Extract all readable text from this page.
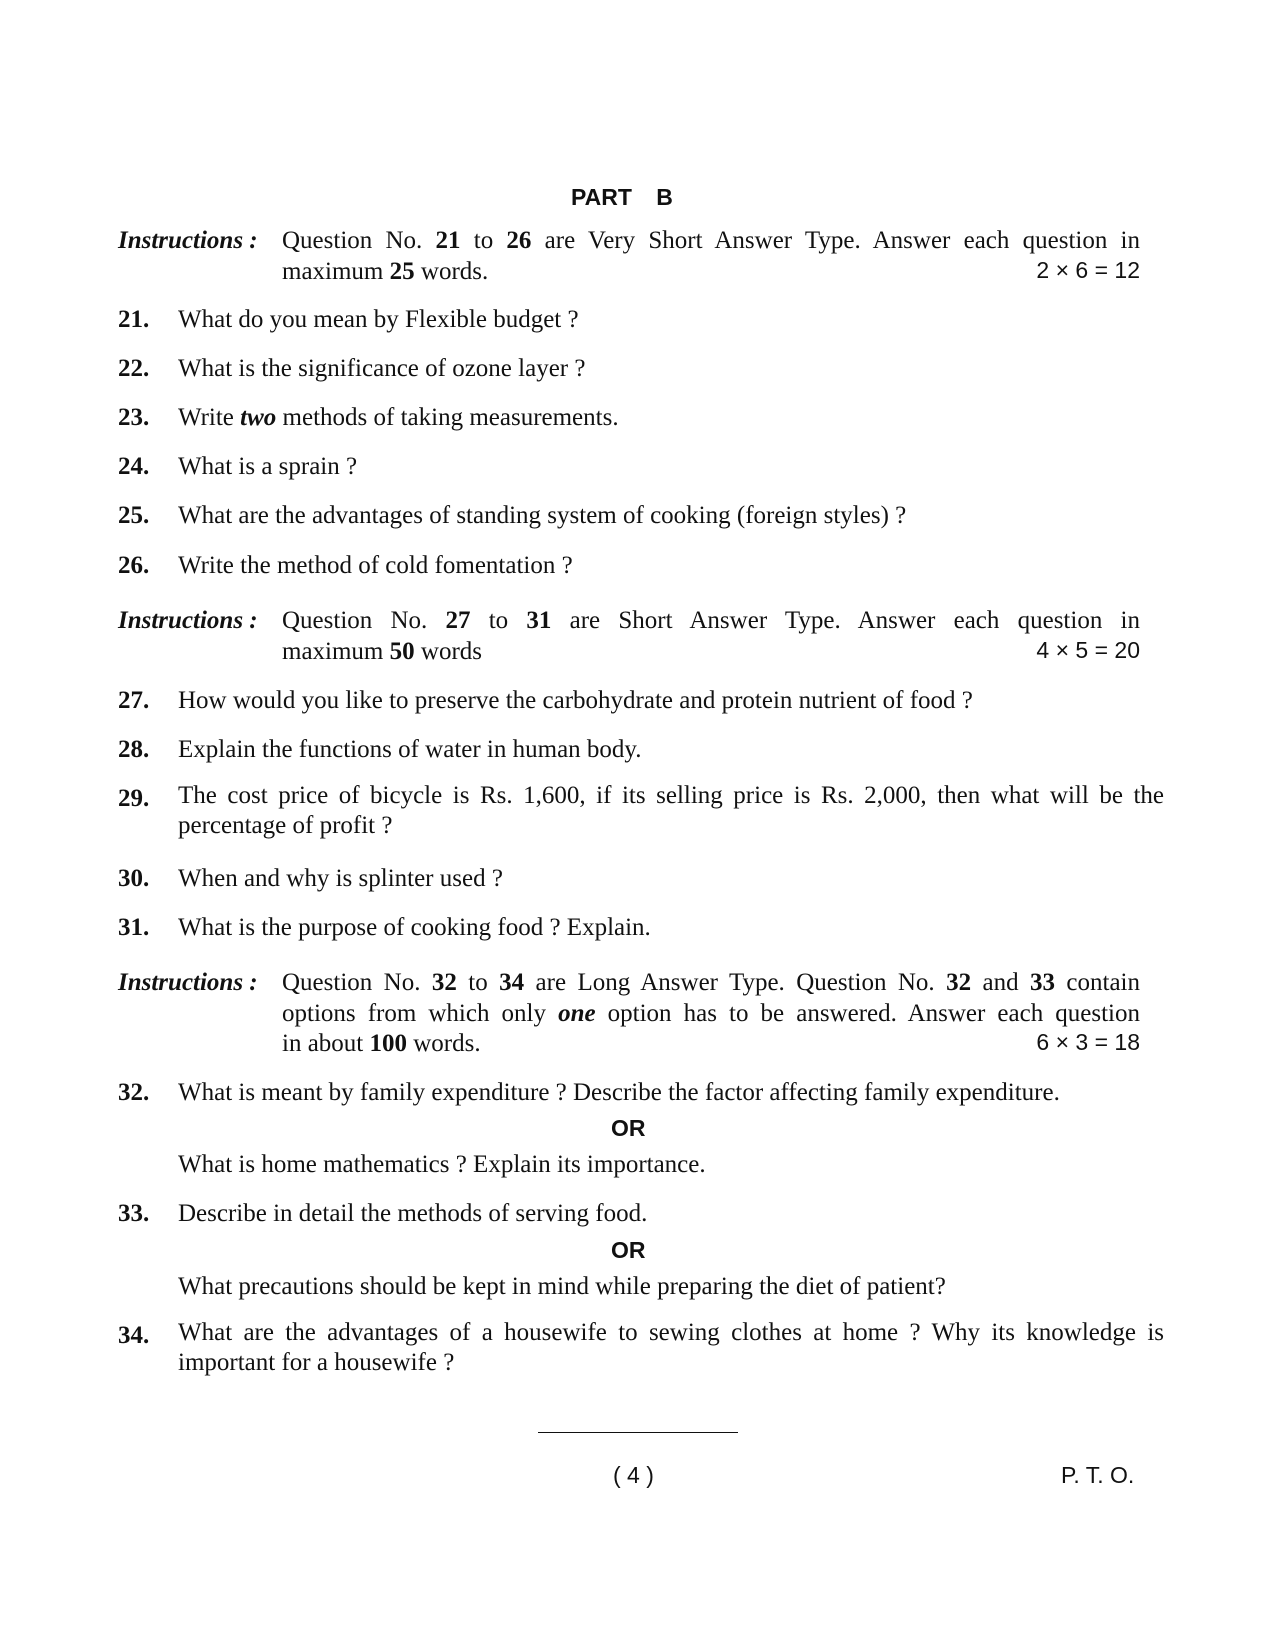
PART B
Instructions : Question No. 21 to 26 are Very Short Answer Type. Answer each question in
maximum 25 words.	2 × 6 = 12
21. What do you mean by Flexible budget ?
22. What is the significance of ozone layer ?
23. Write two methods of taking measurements.
24. What is a sprain ?
25. What are the advantages of standing system of cooking (foreign styles) ?
26. Write the method of cold fomentation ?
Instructions : Question No. 27 to 31 are Short Answer Type. Answer each question in
maximum 50 words	4 × 5 = 20
27. How would you like to preserve the carbohydrate and protein nutrient of food ?
28. Explain the functions of water in human body.
29. The cost price of bicycle is Rs. 1,600, if its selling price is Rs. 2,000, then what will be the percentage of profit ?
30. When and why is splinter used ?
31. What is the purpose of cooking food ? Explain.
Instructions : Question No. 32 to 34 are Long Answer Type. Question No. 32 and 33 contain
options from which only one option has to be answered. Answer each question
in about 100 words.	6 × 3 = 18
32. What is meant by family expenditure ? Describe the factor affecting family expenditure.
OR
What is home mathematics ? Explain its importance.
33. Describe in detail the methods of serving food.
OR
What precautions should be kept in mind while preparing the diet of patient?
34. What are the advantages of a housewife to sewing clothes at home ? Why its knowledge is important for a housewife ?
( 4 )	P. T. O.
